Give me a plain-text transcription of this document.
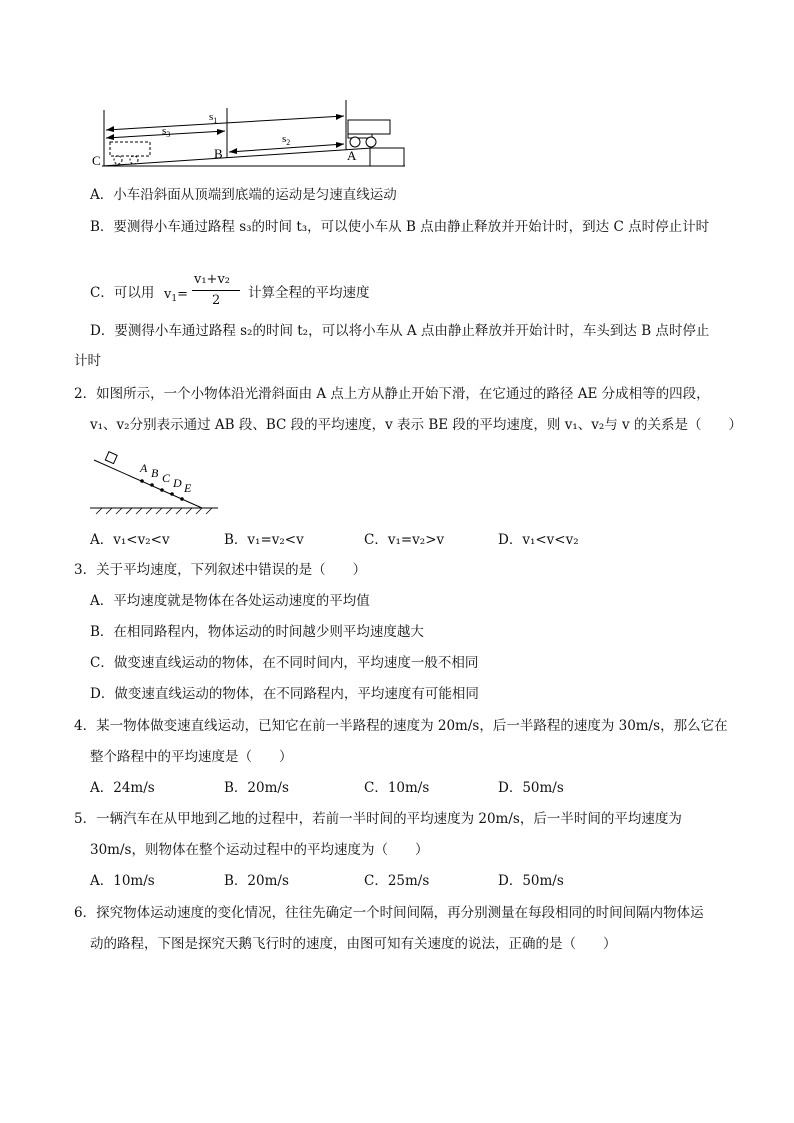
$s_1$
$s_3$	$s_2$
A
B
C
A．小车沿斜面从顶端到底端的运动是匀速直线运动
B．要测得小车通过路程 s₃的时间 t₃，可以使小车从 B 点由静止释放并开始计时，到达 C 点时停止计时
C．可以用 $v_1=$
v₁+v₂
2 计算全程的平均速度
D．要测得小车通过路程 s₂的时间 t₂，可以将小车从 A 点由静止释放并开始计时，车头到达 B 点时停止
计时
2．如图所示，一个小物体沿光滑斜面由 A 点上方从静止开始下滑，在它通过的路径 AE 分成相等的四段，
v₁、v₂分别表示通过 AB 段、BC 段的平均速度，v 表示 BE 段的平均速度，则 v₁、v₂与 v 的关系是（　　）
A B C D E
A．v₁<v₂<v	B．v₁=v₂<v	C．v₁=v₂>v	D．v₁<v<v₂
3．关于平均速度，下列叙述中错误的是（　　）
A．平均速度就是物体在各处运动速度的平均值
B．在相同路程内，物体运动的时间越少则平均速度越大
C．做变速直线运动的物体，在不同时间内，平均速度一般不相同
D．做变速直线运动的物体，在不同路程内，平均速度有可能相同
4．某一物体做变速直线运动，已知它在前一半路程的速度为 20m/s，后一半路程的速度为 30m/s，那么它在
整个路程中的平均速度是（　　）
A．24m/s	B．20m/s	C．10m/s	D．50m/s
5．一辆汽车在从甲地到乙地的过程中，若前一半时间的平均速度为 20m/s，后一半时间的平均速度为
30m/s，则物体在整个运动过程中的平均速度为（　　）
A．10m/s	B．20m/s	C．25m/s	D．50m/s
6．探究物体运动速度的变化情况，往往先确定一个时间间隔，再分别测量在每段相同的时间间隔内物体运
动的路程，下图是探究天鹅飞行时的速度，由图可知有关速度的说法，正确的是（　　）
